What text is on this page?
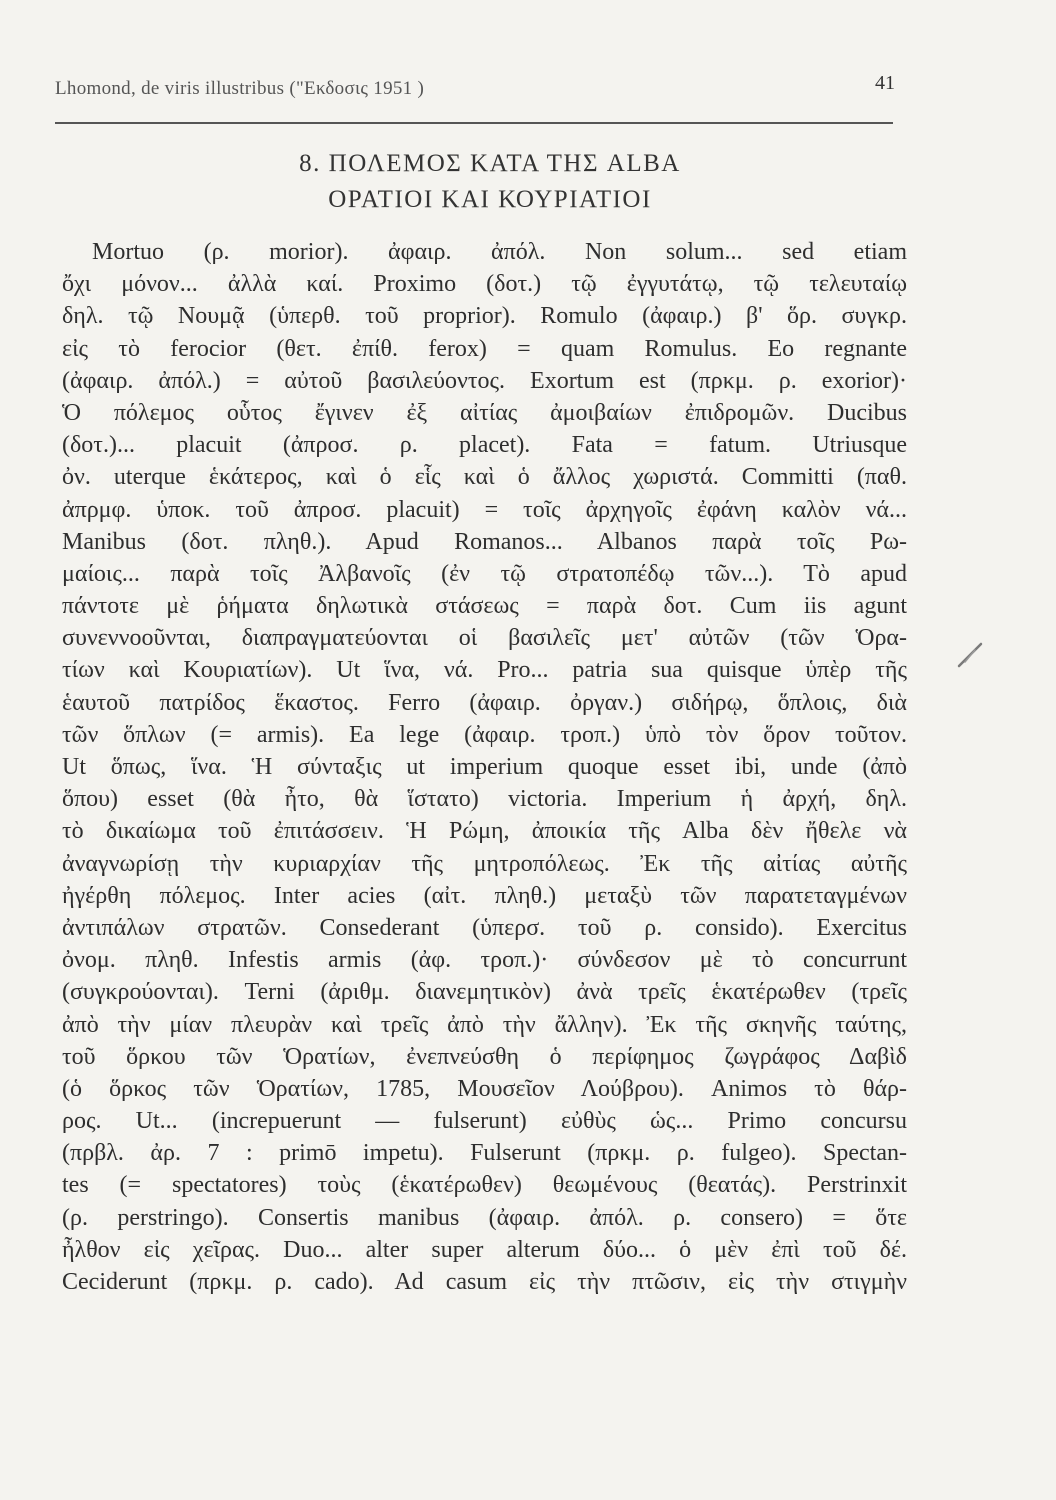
Lhomond, de viris illustribus ("Εκδοσις 1951 )	41
8. ΠΟΛΕΜΟΣ ΚΑΤΑ ΤΗΣ ALBA
ΟΡΑΤΙΟΙ ΚΑΙ ΚΟΥΡΙΑΤΙΟΙ
Mortuo (ρ. morior). ἀφαιρ. ἀπόλ. Non solum... sed etiam
ὄχι μόνον... ἀλλὰ καί. Proximo (δοτ.) τῷ ἐγγυτάτῳ, τῷ τελευταίῳ
δηλ. τῷ Νουμᾷ (ὑπερθ. τοῦ proprior). Romulo (ἀφαιρ.) β' ὅρ. συγκρ.
εἰς τὸ ferocior (θετ. ἐπίθ. ferox) = quam Romulus. Eo regnante
(ἀφαιρ. ἀπόλ.) = αὐτοῦ βασιλεύοντος. Exortum est (πρκμ. ρ. exorior)·
Ὁ πόλεμος οὗτος ἔγινεν ἐξ αἰτίας ἀμοιβαίων ἐπιδρομῶν. Ducibus
(δοτ.)... placuit (ἀπροσ. ρ. placet). Fata = fatum. Utriusque
ὀν. uterque ἑκάτερος, καὶ ὁ εἷς καὶ ὁ ἄλλος χωριστά. Committi (παθ.
ἀπρμφ. ὑποκ. τοῦ ἀπροσ. placuit) = τοῖς ἀρχηγοῖς ἐφάνη καλὸν νά...
Manibus (δοτ. πληθ.). Apud Romanos... Albanos παρὰ τοῖς Ρω-
μαίοις... παρὰ τοῖς Ἀλβανοῖς (ἐν τῷ στρατοπέδῳ τῶν...). Τὸ apud
πάντοτε μὲ ῥήματα δηλωτικὰ στάσεως = παρὰ δοτ. Cum iis agunt
συνεννοοῦνται, διαπραγματεύονται οἱ βασιλεῖς μετ' αὐτῶν (τῶν Ὁρα-
τίων καὶ Κουριατίων). Ut ἵνα, νά. Pro... patria sua quisque ὑπὲρ τῆς
ἑαυτοῦ πατρίδος ἕκαστος. Ferro (ἀφαιρ. ὀργαν.) σιδήρῳ, ὅπλοις, διὰ
τῶν ὅπλων (= armis). Ea lege (ἀφαιρ. τροπ.) ὑπὸ τὸν ὅρον τοῦτον.
Ut ὅπως, ἵνα. Ἡ σύνταξις ut imperium quoque esset ibi, unde (ἀπὸ
ὅπου) esset (θὰ ἦτο, θὰ ἵστατο) victoria. Imperium ἡ ἀρχή, δηλ.
τὸ δικαίωμα τοῦ ἐπιτάσσειν. Ἡ Ρώμη, ἀποικία τῆς Alba δὲν ἤθελε νὰ
ἀναγνωρίσῃ τὴν κυριαρχίαν τῆς μητροπόλεως. Ἐκ τῆς αἰτίας αὐτῆς
ἠγέρθη πόλεμος. Inter acies (αἰτ. πληθ.) μεταξὺ τῶν παρατεταγμένων
ἀντιπάλων στρατῶν. Consederant (ὑπερσ. τοῦ ρ. consido). Exercitus
ὀνομ. πληθ. Infestis armis (ἀφ. τροπ.)· σύνδεσον μὲ τὸ concurrunt
(συγκρούονται). Terni (ἀριθμ. διανεμητικὸν) ἀνὰ τρεῖς ἑκατέρωθεν (τρεῖς
ἀπὸ τὴν μίαν πλευρὰν καὶ τρεῖς ἀπὸ τὴν ἄλλην). Ἐκ τῆς σκηνῆς ταύτης,
τοῦ ὅρκου τῶν Ὁρατίων, ἐνεπνεύσθη ὁ περίφημος ζωγράφος Δαβὶδ
(ὁ ὅρκος τῶν Ὁρατίων, 1785, Μουσεῖον Λούβρου). Animos τὸ θάρ-
ρος. Ut... (increpuerunt — fulserunt) εὐθὺς ὡς... Primo concursu
(πρβλ. ἀρ. 7 : primō impetu). Fulserunt (πρκμ. ρ. fulgeo). Spectan-
tes (= spectatores) τοὺς (ἑκατέρωθεν) θεωμένους (θεατάς). Perstrinxit
(ρ. perstringo). Consertis manibus (ἀφαιρ. ἀπόλ. ρ. consero) = ὅτε
ἦλθον εἰς χεῖρας. Duo... alter super alterum δύο... ὁ μὲν ἐπὶ τοῦ δέ.
Ceciderunt (πρκμ. ρ. cado). Ad casum εἰς τὴν πτῶσιν, εἰς τὴν στιγμὴν
